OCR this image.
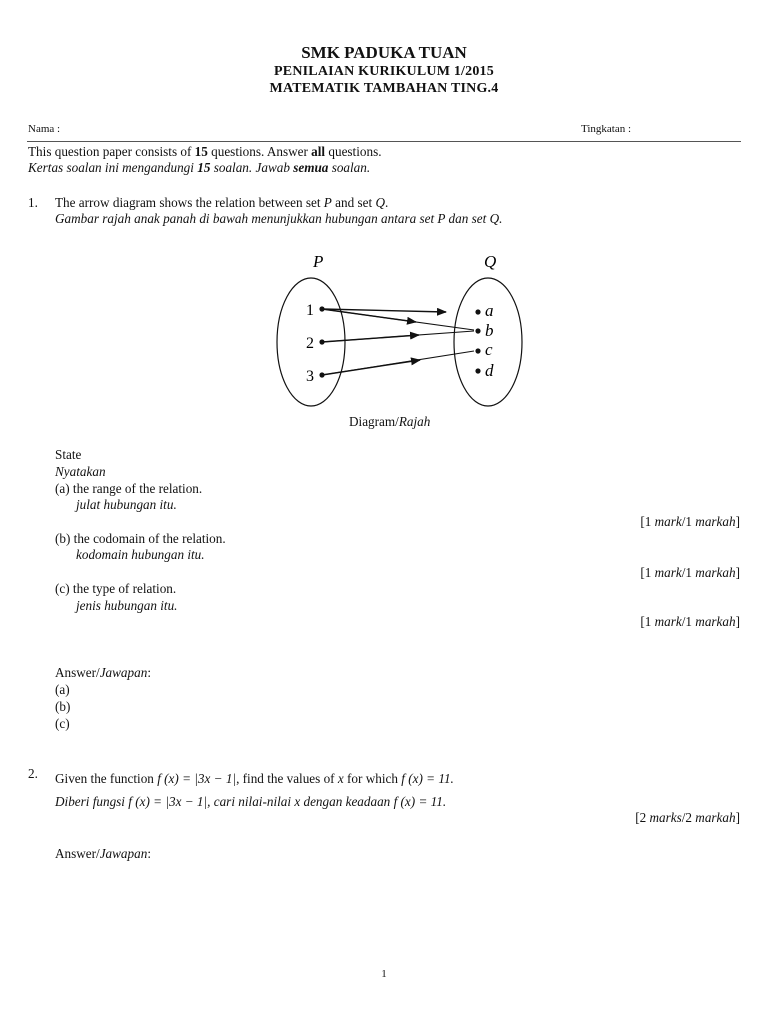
SMK PADUKA TUAN
PENILAIAN KURIKULUM 1/2015
MATEMATIK TAMBAHAN TING.4
Nama :	Tingkatan :
This question paper consists of 15 questions. Answer all questions.
Kertas soalan ini mengandungi 15 soalan. Jawab semua soalan.
1. The arrow diagram shows the relation between set P and set Q.
Gambar rajah anak panah di bawah menunjukkan hubungan antara set P dan set Q.
P	Q
1
2
3
a
b
c
d
Diagram/Rajah
State
Nyatakan
(a) the range of the relation.
julat hubungan itu.
[1 mark/1 markah]
(b) the codomain of the relation.
kodomain hubungan itu.
[1 mark/1 markah]
(c) the type of relation.
jenis hubungan itu.
[1 mark/1 markah]
Answer/Jawapan:
(a)
(b)
(c)
2. Given the function f (x) = |3x − 1|, find the values of x for which f (x) = 11.
Diberi fungsi f (x) = |3x − 1|, cari nilai-nilai x dengan keadaan f (x) = 11.
[2 marks/2 markah]
Answer/Jawapan:
1
